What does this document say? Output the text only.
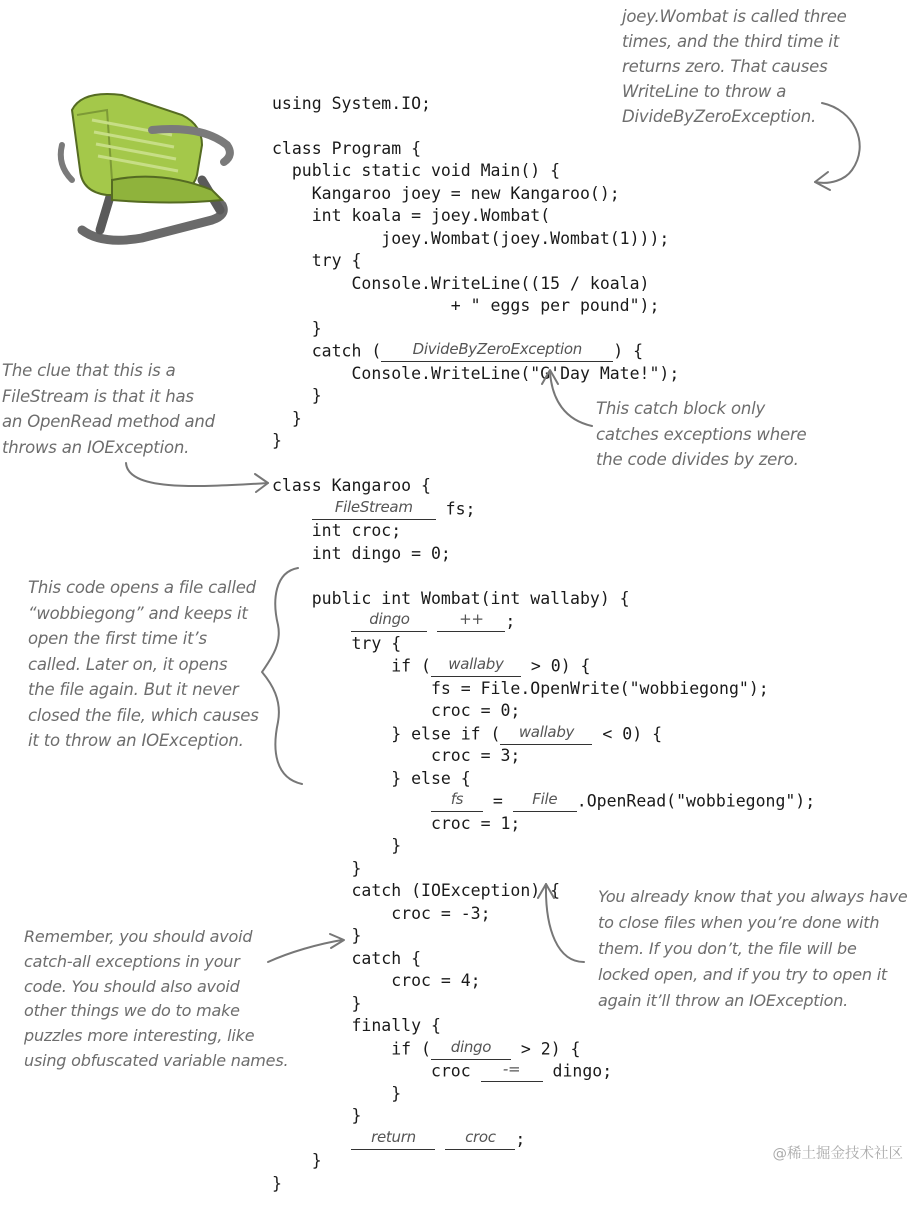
using System.IO;
class Program {
public static void Main() {
Kangaroo joey = new Kangaroo();
int koala = joey.Wombat(
joey.Wombat(joey.Wombat(1)));
try {
Console.WriteLine((15 / koala)
+ " eggs per pound");
}
catch ( DivideByZeroException ) {
Console.WriteLine("G'Day Mate!");
}
}
}
class Kangaroo {
FileStream fs;
int croc;
int dingo = 0;
public int Wombat(int wallaby) {
dingo	++ ;
try {
if ( wallaby > 0) {
fs = File.OpenWrite("wobbiegong");
croc = 0;
} else if ( wallaby < 0) {
croc = 3;
} else {
fs = File .OpenRead("wobbiegong");
croc = 1;
}
}
catch (IOException) {
croc = -3;
}
catch {
croc = 4;
}
finally {
if ( dingo > 2) {
croc -= dingo;
}
}
return	croc ;
}
}

joey.Wombat is called three
times, and the third time it
returns zero. That causes
WriteLine to throw a
DivideByZeroException.
The clue that this is a
FileStream is that it has
an OpenRead method and
throws an IOException.
This catch block only
catches exceptions where
the code divides by zero.
This code opens a file called
“wobbiegong” and keeps it
open the first time it’s
called. Later on, it opens
the file again. But it never
closed the file, which causes
it to throw an IOException.
Remember, you should avoid
catch-all exceptions in your
code. You should also avoid
other things we do to make
puzzles more interesting, like
using obfuscated variable names.
You already know that you always have
to close files when you’re done with
them. If you don’t, the file will be
locked open, and if you try to open it
again it’ll throw an IOException.
@稀土掘金技术社区
